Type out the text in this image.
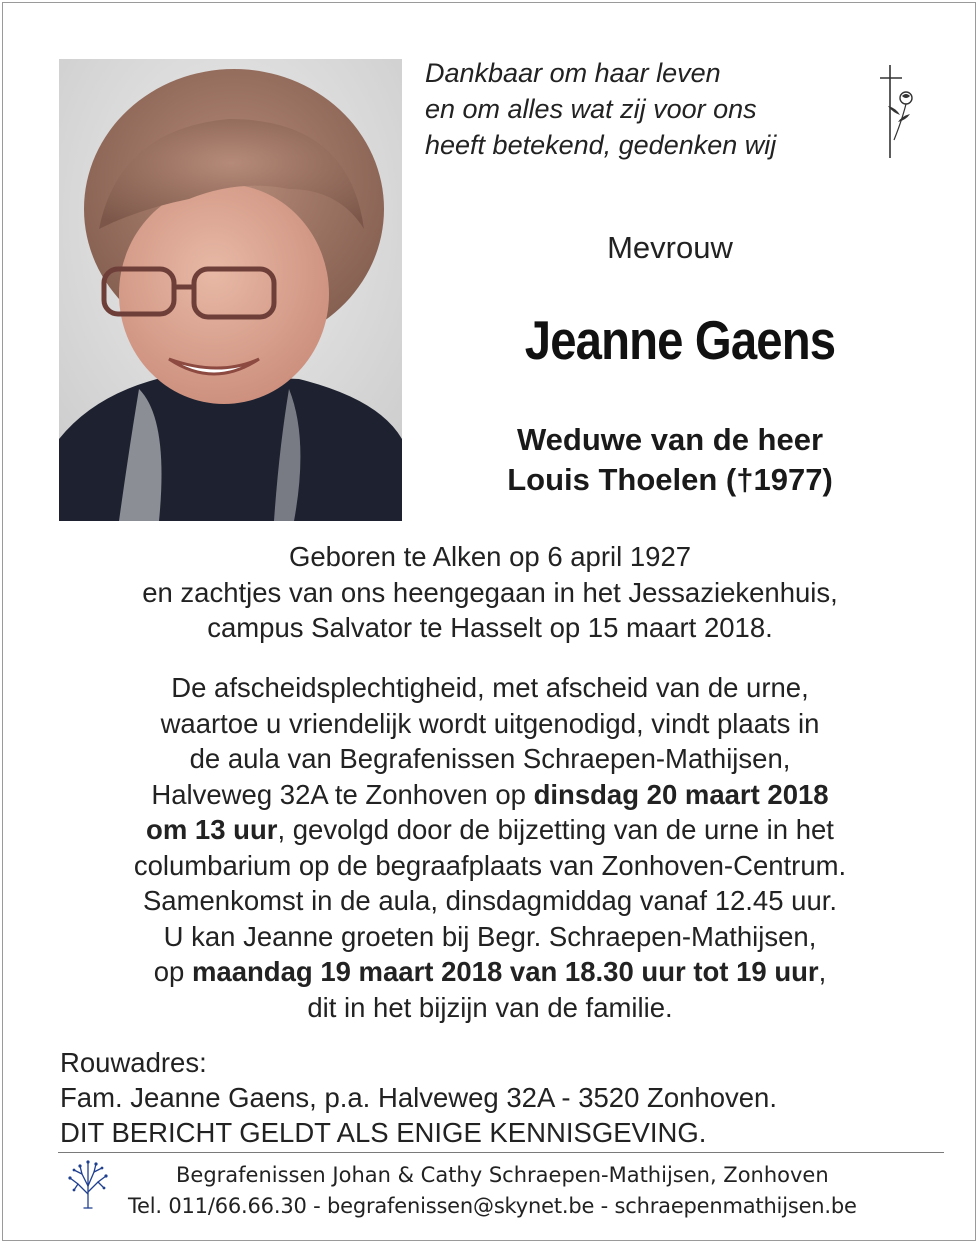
Dankbaar om haar leven
en om alles wat zij voor ons
heeft betekend, gedenken wij
Mevrouw
Jeanne Gaens
Weduwe van de heer
Louis Thoelen (†1977)
Geboren te Alken op 6 april 1927
en zachtjes van ons heengegaan in het Jessaziekenhuis,
campus Salvator te Hasselt op 15 maart 2018.
De afscheidsplechtigheid, met afscheid van de urne,
waartoe u vriendelijk wordt uitgenodigd, vindt plaats in
de aula van Begrafenissen Schraepen-Mathijsen,
Halveweg 32A te Zonhoven op dinsdag 20 maart 2018
om 13 uur, gevolgd door de bijzetting van de urne in het
columbarium op de begraafplaats van Zonhoven-Centrum.
Samenkomst in de aula, dinsdagmiddag vanaf 12.45 uur.
U kan Jeanne groeten bij Begr. Schraepen-Mathijsen,
op maandag 19 maart 2018 van 18.30 uur tot 19 uur,
dit in het bijzijn van de familie.
Rouwadres:
Fam. Jeanne Gaens, p.a. Halveweg 32A - 3520 Zonhoven.
DIT BERICHT GELDT ALS ENIGE KENNISGEVING.
Begrafenissen Johan & Cathy Schraepen-Mathijsen, Zonhoven
Tel. 011/66.66.30 - begrafenissen@skynet.be - schraepenmathijsen.be
